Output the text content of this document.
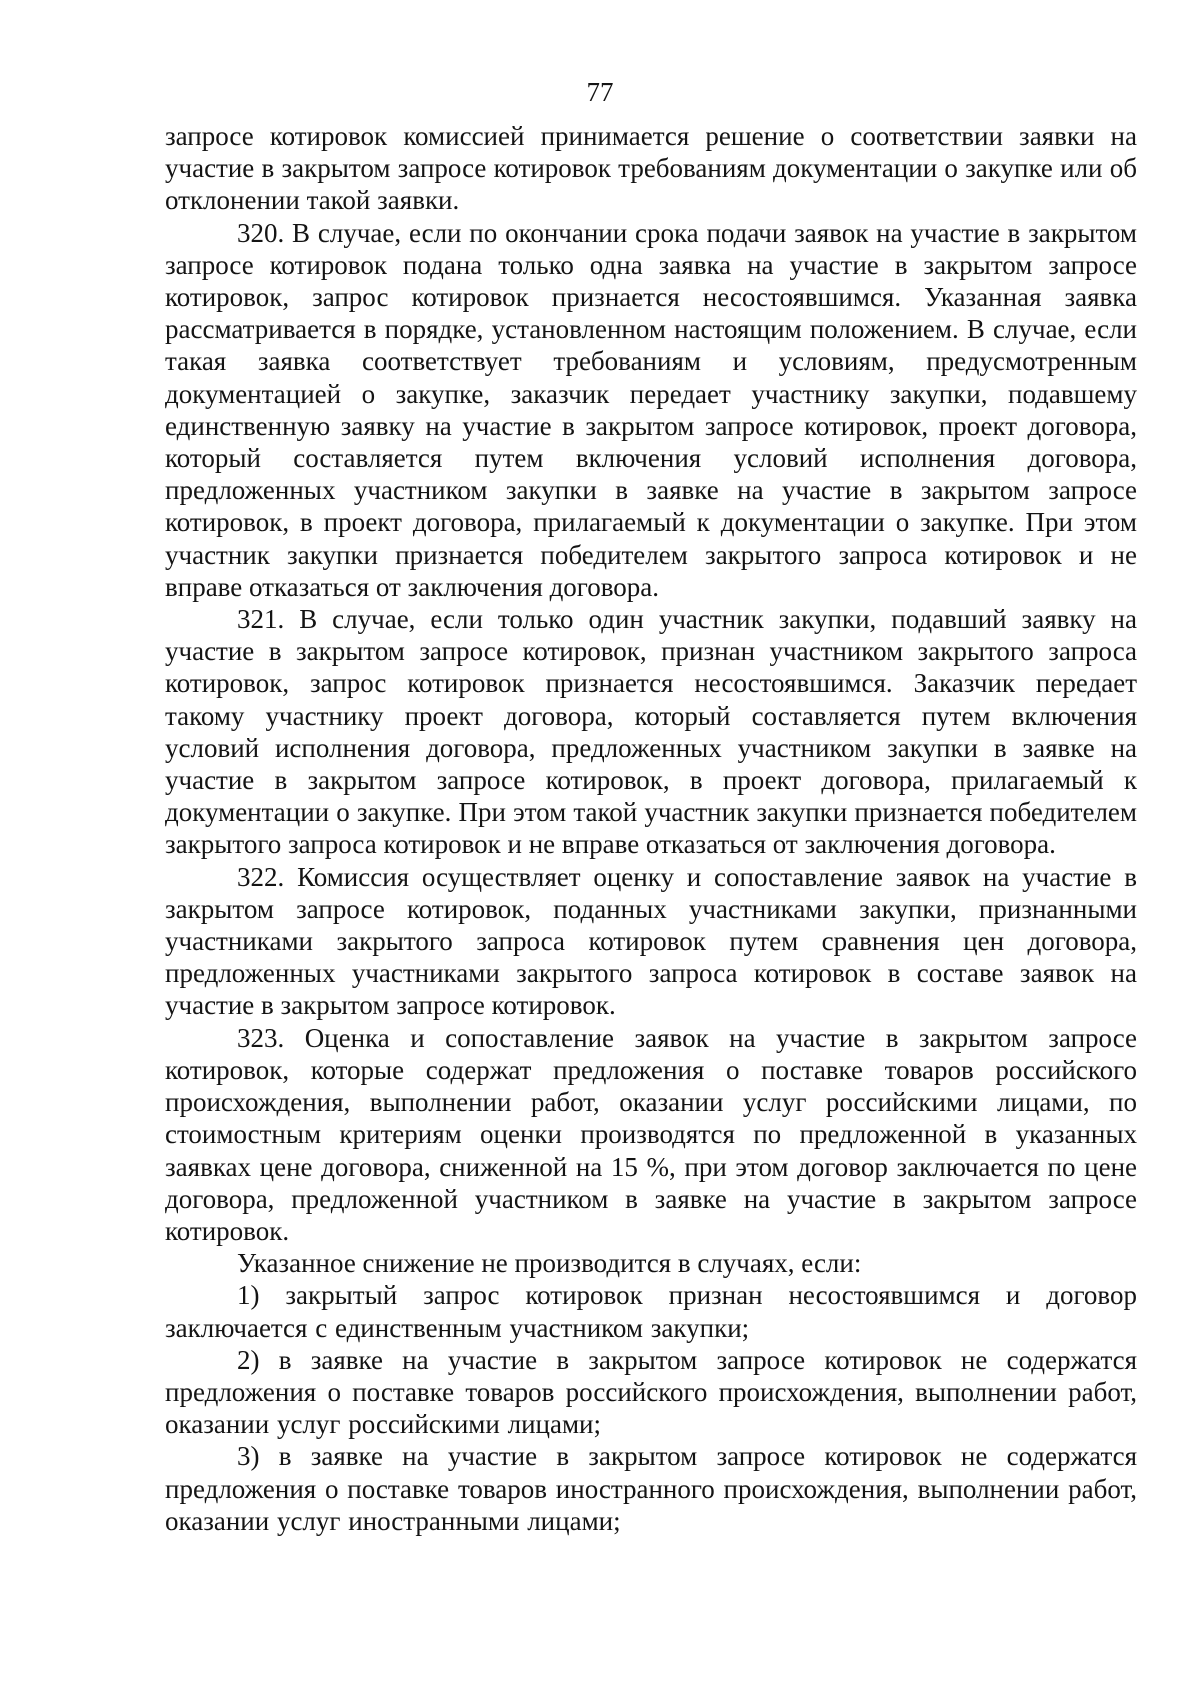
77

запросе котировок комиссией принимается решение о соответствии заявки на участие в закрытом запросе котировок требованиям документации о закупке или об отклонении такой заявки.

320. В случае, если по окончании срока подачи заявок на участие в закрытом запросе котировок подана только одна заявка на участие в закрытом запросе котировок, запрос котировок признается несостоявшимся. Указанная заявка рассматривается в порядке, установленном настоящим положением. В случае, если такая заявка соответствует требованиям и условиям, предусмотренным документацией о закупке, заказчик передает участнику закупки, подавшему единственную заявку на участие в закрытом запросе котировок, проект договора, который составляется путем включения условий исполнения договора, предложенных участником закупки в заявке на участие в закрытом запросе котировок, в проект договора, прилагаемый к документации о закупке. При этом участник закупки признается победителем закрытого запроса котировок и не вправе отказаться от заключения договора.

321. В случае, если только один участник закупки, подавший заявку на участие в закрытом запросе котировок, признан участником закрытого запроса котировок, запрос котировок признается несостоявшимся. Заказчик передает такому участнику проект договора, который составляется путем включения условий исполнения договора, предложенных участником закупки в заявке на участие в закрытом запросе котировок, в проект договора, прилагаемый к документации о закупке. При этом такой участник закупки признается победителем закрытого запроса котировок и не вправе отказаться от заключения договора.

322. Комиссия осуществляет оценку и сопоставление заявок на участие в закрытом запросе котировок, поданных участниками закупки, признанными участниками закрытого запроса котировок путем сравнения цен договора, предложенных участниками закрытого запроса котировок в составе заявок на участие в закрытом запросе котировок.

323. Оценка и сопоставление заявок на участие в закрытом запросе котировок, которые содержат предложения о поставке товаров российского происхождения, выполнении работ, оказании услуг российскими лицами, по стоимостным критериям оценки производятся по предложенной в указанных заявках цене договора, сниженной на 15 %, при этом договор заключается по цене договора, предложенной участником в заявке на участие в закрытом запросе котировок.

Указанное снижение не производится в случаях, если:

1) закрытый запрос котировок признан несостоявшимся и договор заключается с единственным участником закупки;

2) в заявке на участие в закрытом запросе котировок не содержатся предложения о поставке товаров российского происхождения, выполнении работ, оказании услуг российскими лицами;

3) в заявке на участие в закрытом запросе котировок не содержатся предложения о поставке товаров иностранного происхождения, выполнении работ, оказании услуг иностранными лицами;
